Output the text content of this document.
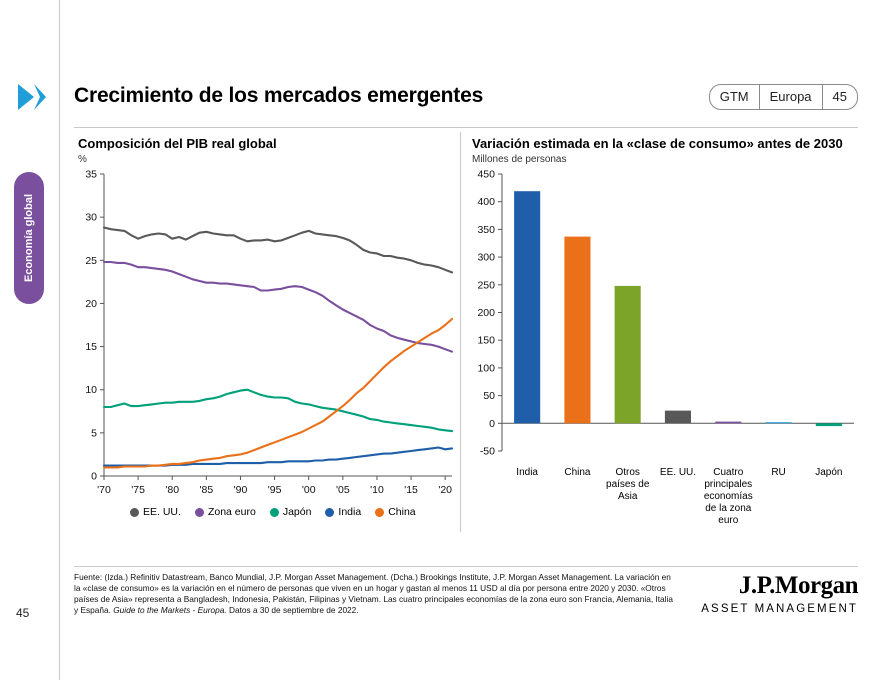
Economía global
Crecimiento de los mercados emergentes	GTM	Europa	45
Composición del PIB real global
%
0
5
10
15
20
25
30
35
'70 '75 '80 '85 '90 '95 '00 '05 '10 '15 '20
EE. UU.	Zona euro	Japón	India	China
Variación estimada en la «clase de consumo» antes de 2030
Millones de personas
-50
0
50
100
150
200
250
300
350
400
450
India	China	Otros países de Asia
EE. UU.	Cuatro principales economías de la zona euro
RU	Japón
Fuente: (Izda.) Refinitiv Datastream, Banco Mundial, J.P. Morgan Asset Management. (Dcha.) Brookings Institute, J.P. Morgan Asset Management. La variación en la «clase de consumo» es la variación en el número de personas que viven en un hogar y gastan al menos 11 USD al día por persona entre 2020 y 2030. «Otros países de Asia» representa a Bangladesh, Indonesia, Pakistán, Filipinas y Vietnam. Las cuatro principales economías de la zona euro son Francia, Alemania, Italia y España. Guide to the Markets - Europa. Datos a 30 de septiembre de 2022.
45
J.P.Morgan
ASSET MANAGEMENT
